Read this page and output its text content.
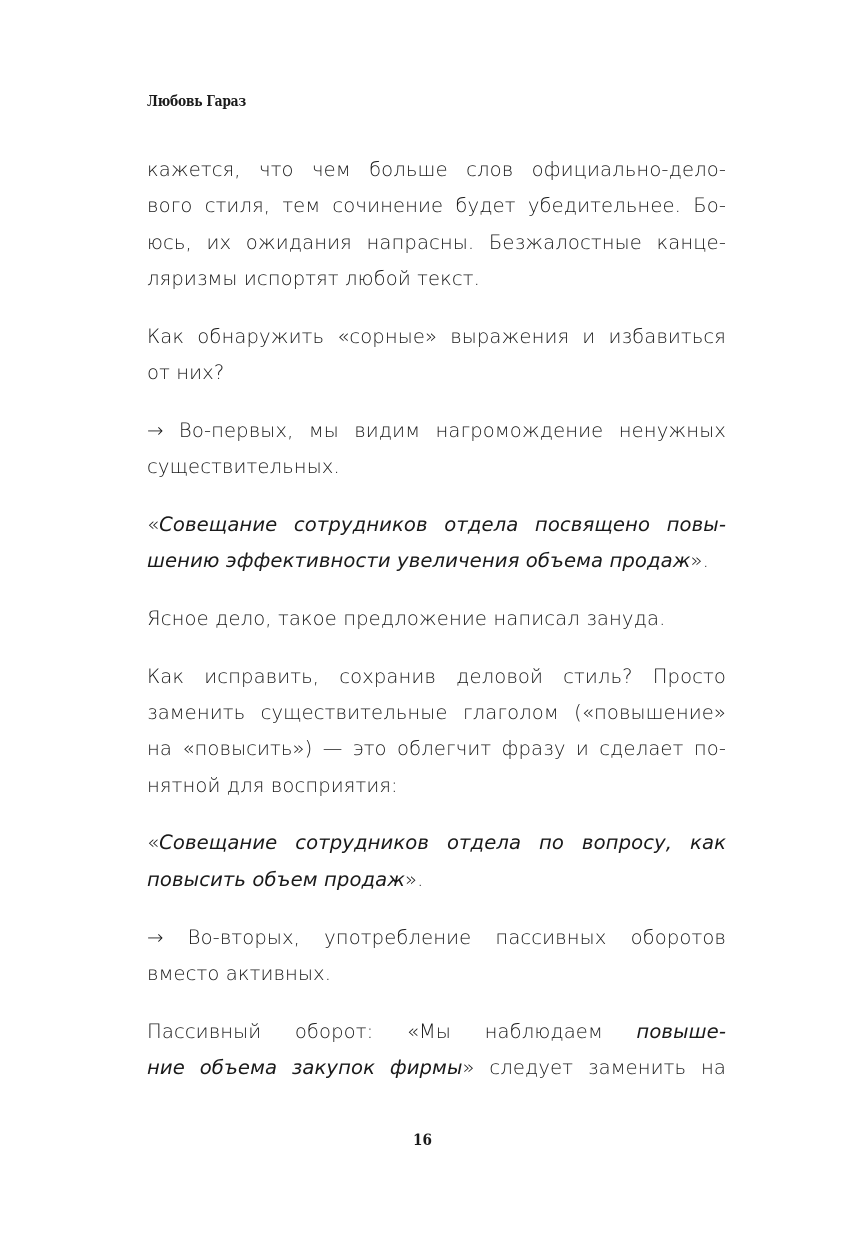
Любовь Гараз

кажется, что чем больше слов официально-дело-
вого стиля, тем сочинение будет убедительнее. Бо-
юсь, их ожидания напрасны. Безжалостные канце-
ляризмы испортят любой текст.

Как обнаружить «сорные» выражения и избавиться
от них?

→ Во-первых, мы видим нагромождение ненужных
существительных.

«Совещание сотрудников отдела посвящено повы-
шению эффективности увеличения объема продаж».

Ясное дело, такое предложение написал зануда.

Как исправить, сохранив деловой стиль? Просто
заменить существительные глаголом («повышение»
на «повысить») — это облегчит фразу и сделает по-
нятной для восприятия:

«Совещание сотрудников отдела по вопросу, как
повысить объем продаж».

→ Во-вторых, употребление пассивных оборотов
вместо активных.

Пассивный оборот: «Мы наблюдаем повыше-
ние объема закупок фирмы» следует заменить на

16
